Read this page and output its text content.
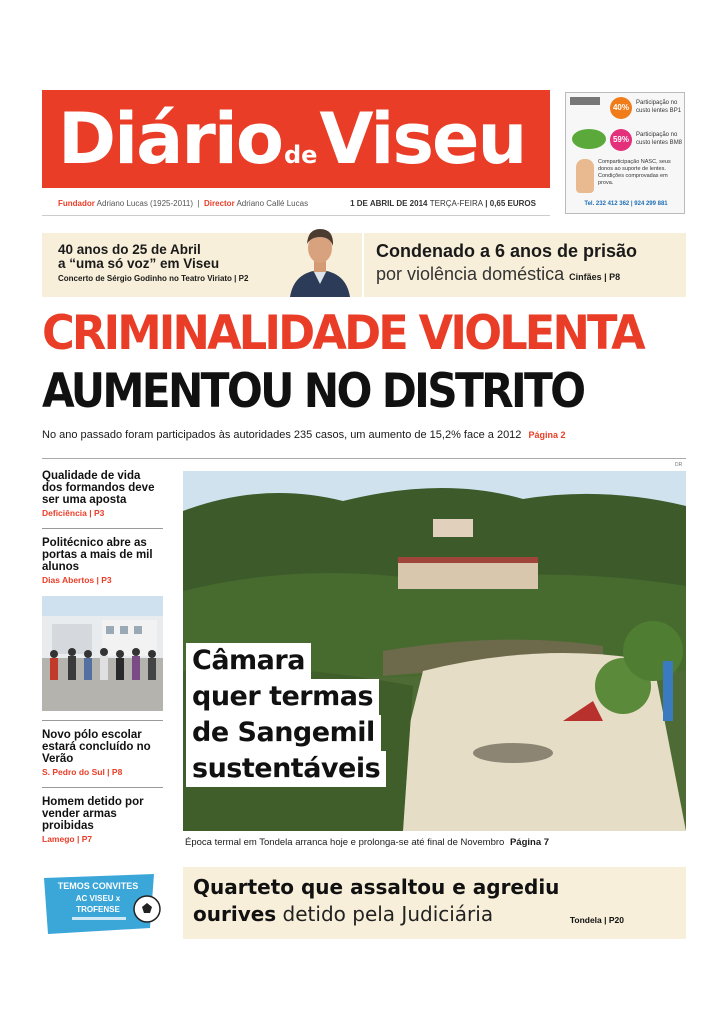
DiáriodeViseu
Fundador Adriano Lucas (1925-2011)  |  Director Adriano Callé Lucas	1 DE ABRIL DE 2014 TERÇA-FEIRA | 0,65 EUROS
40%	Participação no custo lentes BP1
59%	Participação no custo lentes BM8
Comparticipação NASC, seus donos ao suporte de lentes. Condições comprovadas em prova.
Tel. 232 412 362 | 924 299 881
40 anos do 25 de Abril
a “uma só voz” em Viseu
Concerto de Sérgio Godinho no Teatro Viriato | P2
Condenado a 6 anos de prisão
por violência doméstica Cinfães | P8
CRIMINALIDADE VIOLENTA
AUMENTOU NO DISTRITO
No ano passado foram participados às autoridades 235 casos, um aumento de 15,2% face a 2012 Página 2
Qualidade de vida dos formandos deve ser uma aposta
Deficiência | P3
Politécnico abre as portas a mais de mil alunos
Dias Abertos | P3
Novo pólo escolar estará concluído no Verão
S. Pedro do Sul | P8
Homem detido por vender armas proibidas
Lamego | P7
DR
Câmara
quer termas
de Sangemil
sustentáveis
Época termal em Tondela arranca hoje e prolonga-se até final de Novembro Página 7
TEMOS CONVITES
AC VISEU x
TROFENSE
Quarteto que assaltou e agrediu
ourives detido pela Judiciária	Tondela | P20
